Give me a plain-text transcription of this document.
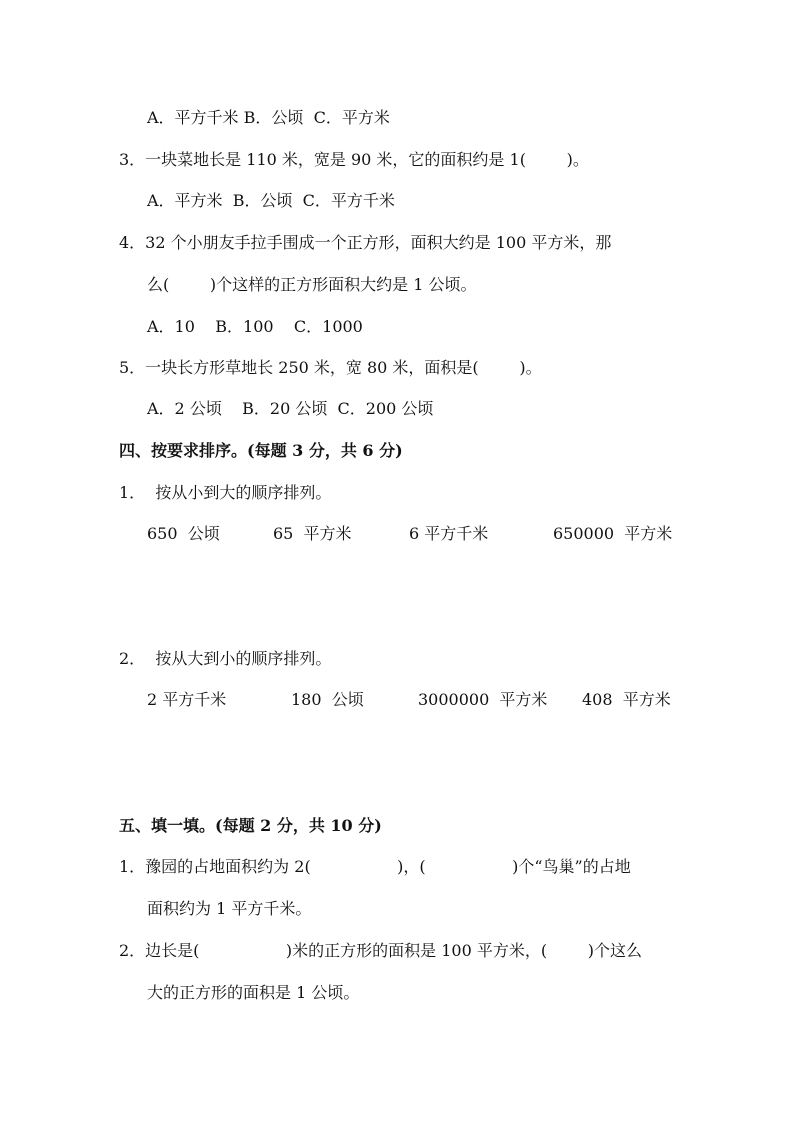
A．平方千米 B．公顷  C．平方米
3．一块菜地长是 110 米，宽是 90 米，它的面积约是 1(        )。
A．平方米  B．公顷  C．平方千米
4．32 个小朋友手拉手围成一个正方形，面积大约是 100 平方米，那
么(        )个这样的正方形面积大约是 1 公顷。
A．10    B．100    C．1000
5．一块长方形草地长 250 米，宽 80 米，面积是(        )。
A．2 公顷    B．20 公顷  C．200 公顷
四、按要求排序。(每题 3 分，共 6 分)
1．  按从小到大的顺序排列。
650  公顷	65  平方米	6 平方千米	650000  平方米
2．  按从大到小的顺序排列。
2 平方千米	180  公顷	3000000  平方米 408  平方米
五、填一填。(每题 2 分，共 10 分)
1．豫园的占地面积约为 2(                 )，(                 )个“鸟巢”的占地
面积约为 1 平方千米。
2．边长是(                 )米的正方形的面积是 100 平方米，(        )个这么
大的正方形的面积是 1 公顷。
